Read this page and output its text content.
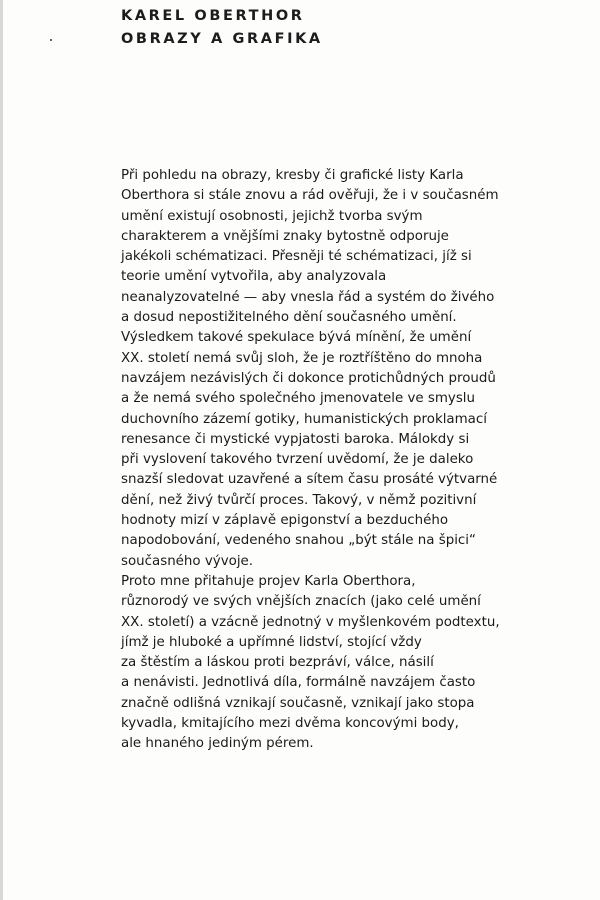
KAREL OBERTHOR
OBRAZY A GRAFIKA
Při pohledu na obrazy, kresby či grafické listy Karla
Oberthora si stále znovu a rád ověřuji, že i v současném
umění existují osobnosti, jejichž tvorba svým
charakterem a vnějšími znaky bytostně odporuje
jakékoli schématizaci. Přesněji té schématizaci, jíž si
teorie umění vytvořila, aby analyzovala
neanalyzovatelné — aby vnesla řád a systém do živého
a dosud nepostižitelného dění současného umění.
Výsledkem takové spekulace bývá mínění, že umění
XX. století nemá svůj sloh, že je roztříštěno do mnoha
navzájem nezávislých či dokonce protichůdných proudů
a že nemá svého společného jmenovatele ve smyslu
duchovního zázemí gotiky, humanistických proklamací
renesance či mystické vypjatosti baroka. Málokdy si
při vyslovení takového tvrzení uvědomí, že je daleko
snazší sledovat uzavřené a sítem času prosáté výtvarné
dění, než živý tvůrčí proces. Takový, v němž pozitivní
hodnoty mizí v záplavě epigonství a bezduchého
napodobování, vedeného snahou „být stále na špici“
současného vývoje.
Proto mne přitahuje projev Karla Oberthora,
různorodý ve svých vnějších znacích (jako celé umění
XX. století) a vzácně jednotný v myšlenkovém podtextu,
jímž je hluboké a upřímné lidství, stojící vždy
za štěstím a láskou proti bezpráví, válce, násilí
a nenávisti. Jednotlivá díla, formálně navzájem často
značně odlišná vznikají současně, vznikají jako stopa
kyvadla, kmitajícího mezi dvěma koncovými body,
ale hnaného jediným pérem.
